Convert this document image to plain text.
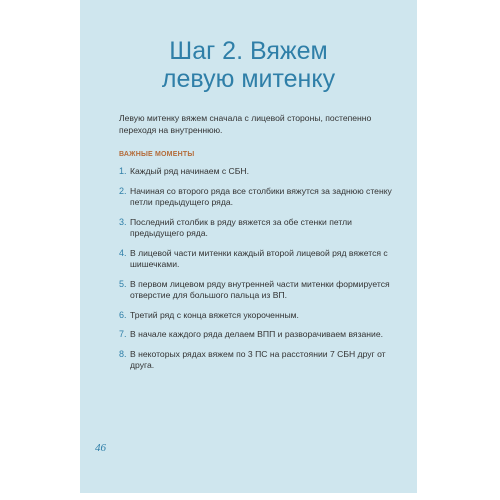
Шаг 2. Вяжем
левую митенку

Левую митенку вяжем сначала с лицевой стороны, постепенно переходя на внутреннюю.

ВАЖНЫЕ МОМЕНТЫ

1. Каждый ряд начинаем с СБН.
2. Начиная со второго ряда все столбики вяжутся за заднюю стенку петли предыдущего ряда.
3. Последний столбик в ряду вяжется за обе стенки петли предыдущего ряда.
4. В лицевой части митенки каждый второй лицевой ряд вяжется с шишечками.
5. В первом лицевом ряду внутренней части митенки формируется отверстие для большого пальца из ВП.
6. Третий ряд с конца вяжется укороченным.
7. В начале каждого ряда делаем ВПП и разворачиваем вязание.
8. В некоторых рядах вяжем по 3 ПС на расстоянии 7 СБН друг от друга.
46
